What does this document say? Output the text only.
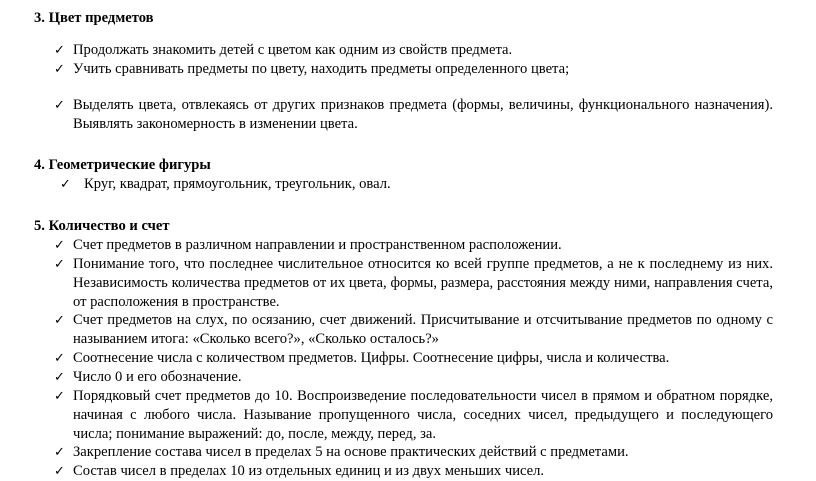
3. Цвет предметов
✓ Продолжать знакомить детей с цветом как одним из свойств предмета.
✓ Учить сравнивать предметы по цвету, находить предметы определенного цвета;
✓ Выделять цвета, отвлекаясь от других признаков предмета (формы, величины, функционального назначения). Выявлять закономерность в изменении цвета.
4. Геометрические фигуры
✓ Круг, квадрат, прямоугольник, треугольник, овал.
5. Количество и счет
✓ Счет предметов в различном направлении и пространственном расположении.
✓ Понимание того, что последнее числительное относится ко всей группе предметов, а не к последнему из них. Независимость количества предметов от их цвета, формы, размера, расстояния между ними, направления счета, от расположения в пространстве.
✓ Счет предметов на слух, по осязанию, счет движений. Присчитывание и отсчитывание предметов по одному с называнием итога: «Сколько всего?», «Сколько осталось?»
✓ Соотнесение числа с количеством предметов. Цифры. Соотнесение цифры, числа и количества.
✓ Число 0 и его обозначение.
✓ Порядковый счет предметов до 10. Воспроизведение последовательности чисел в прямом и обратном порядке, начиная с любого числа. Называние пропущенного числа, соседних чисел, предыдущего и последующего числа; понимание выражений: до, после, между, перед, за.
✓ Закрепление состава чисел в пределах 5 на основе практических действий с предметами.
✓ Состав чисел в пределах 10 из отдельных единиц и из двух меньших чисел.
